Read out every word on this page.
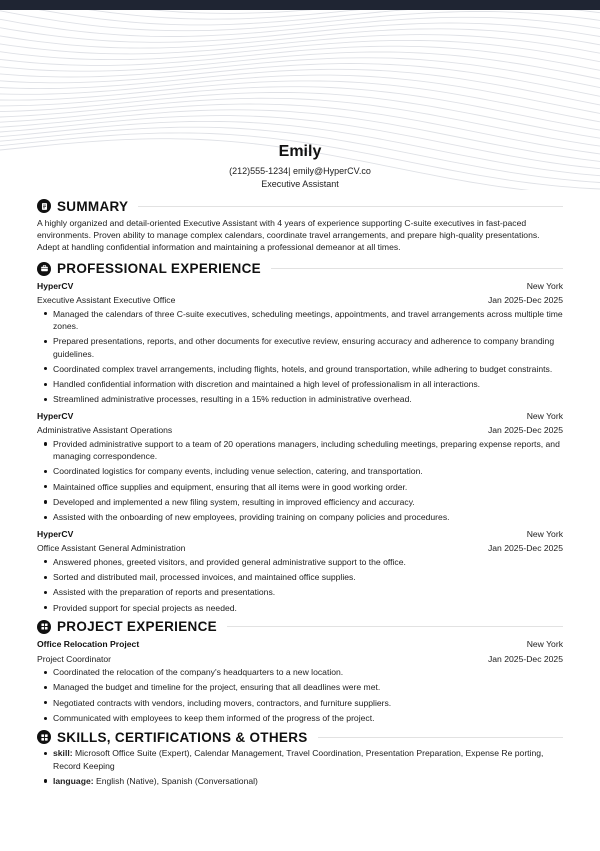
Emily
(212)555-1234| emily@HyperCV.co
Executive Assistant
SUMMARY

A highly organized and detail-oriented Executive Assistant with 4 years of experience supporting C-suite executives in fast-paced environments. Proven ability to manage complex calendars, coordinate travel arrangements, and prepare high-quality presentations. Adept at handling confidential information and maintaining a professional demeanor at all times.

PROFESSIONAL EXPERIENCE
HyperCV	New York
Executive Assistant Executive Office	Jan 2025-Dec 2025
Managed the calendars of three C-suite executives, scheduling meetings, appointments, and travel arrangements across multiple time zones.
Prepared presentations, reports, and other documents for executive review, ensuring accuracy and adherence to company branding guidelines.
Coordinated complex travel arrangements, including flights, hotels, and ground transportation, while adhering to budget constraints.
Handled confidential information with discretion and maintained a high level of professionalism in all interactions.
Streamlined administrative processes, resulting in a 15% reduction in administrative overhead.
HyperCV	New York
Administrative Assistant Operations	Jan 2025-Dec 2025
Provided administrative support to a team of 20 operations managers, including scheduling meetings, preparing expense reports, and managing correspondence.
Coordinated logistics for company events, including venue selection, catering, and transportation.
Maintained office supplies and equipment, ensuring that all items were in good working order.
Developed and implemented a new filing system, resulting in improved efficiency and accuracy.
Assisted with the onboarding of new employees, providing training on company policies and procedures.
HyperCV	New York
Office Assistant General Administration	Jan 2025-Dec 2025
Answered phones, greeted visitors, and provided general administrative support to the office.
Sorted and distributed mail, processed invoices, and maintained office supplies.
Assisted with the preparation of reports and presentations.
Provided support for special projects as needed.
PROJECT EXPERIENCE
Office Relocation Project	New York
Project Coordinator	Jan 2025-Dec 2025
Coordinated the relocation of the company's headquarters to a new location.
Managed the budget and timeline for the project, ensuring that all deadlines were met.
Negotiated contracts with vendors, including movers, contractors, and furniture suppliers.
Communicated with employees to keep them informed of the progress of the project.
SKILLS, CERTIFICATIONS & OTHERS
skill: Microsoft Office Suite (Expert), Calendar Management, Travel Coordination, Presentation Preparation, Expense Re porting, Record Keeping
language: English (Native), Spanish (Conversational)
